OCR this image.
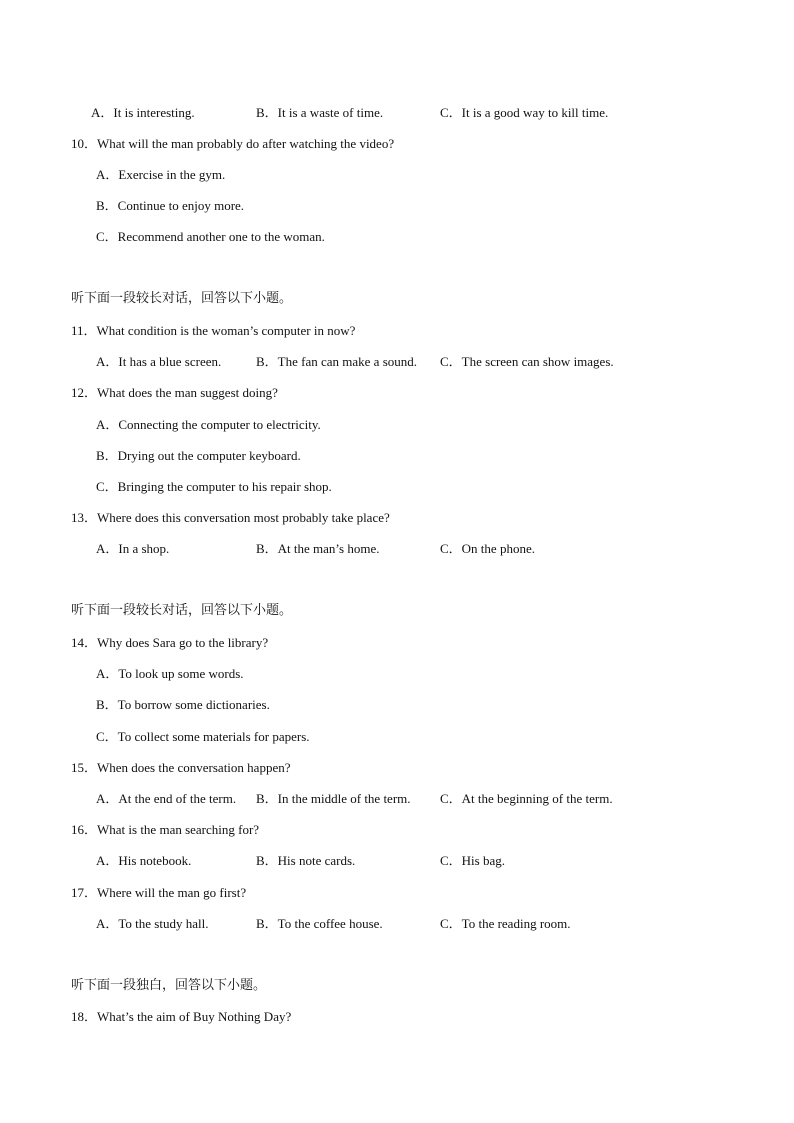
A．It is interesting.	B．It is a waste of time.	C．It is a good way to kill time.
10．What will the man probably do after watching the video?
A．Exercise in the gym.
B．Continue to enjoy more.
C．Recommend another one to the woman.
听下面一段较长对话，回答以下小题。
11．What condition is the woman’s computer in now?
A．It has a blue screen.	B．The fan can make a sound. C．The screen can show images.
12．What does the man suggest doing?
A．Connecting the computer to electricity.
B．Drying out the computer keyboard.
C．Bringing the computer to his repair shop.
13．Where does this conversation most probably take place?
A．In a shop.	B．At the man’s home.	C．On the phone.
听下面一段较长对话，回答以下小题。
14．Why does Sara go to the library?
A．To look up some words.
B．To borrow some dictionaries.
C．To collect some materials for papers.
15．When does the conversation happen?
A．At the end of the term. B．In the middle of the term. C．At the beginning of the term.
16．What is the man searching for?
A．His notebook.	B．His note cards.	C．His bag.
17．Where will the man go first?
A．To the study hall.	B．To the coffee house.	C．To the reading room.
听下面一段独白，回答以下小题。
18．What’s the aim of Buy Nothing Day?
